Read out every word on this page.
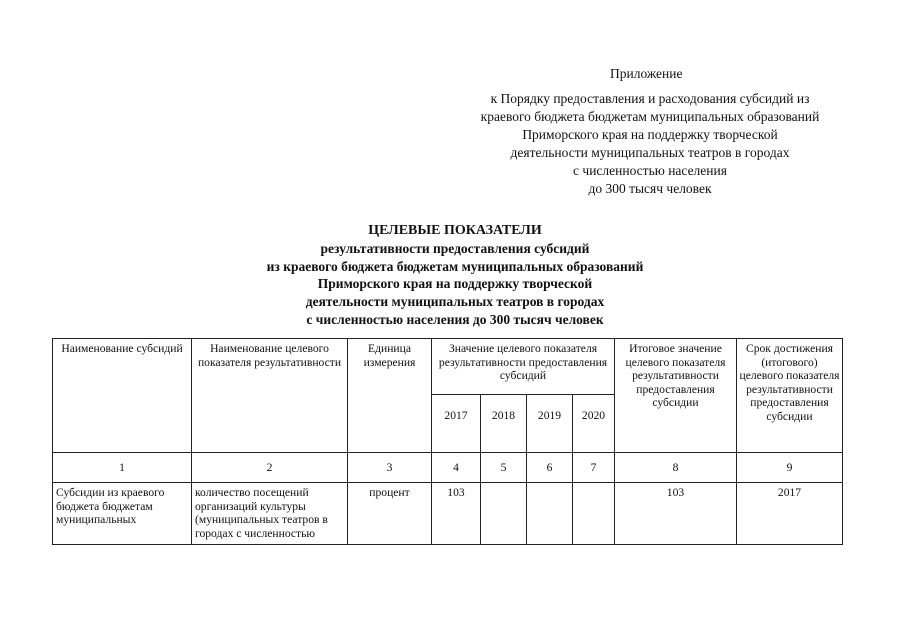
Приложение
к Порядку предоставления и расходования субсидий из
краевого бюджета бюджетам муниципальных образований
Приморского края на поддержку творческой
деятельности муниципальных театров в городах
с численностью населения
до 300 тысяч человек
ЦЕЛЕВЫЕ ПОКАЗАТЕЛИ
результативности предоставления субсидий
из краевого бюджета бюджетам муниципальных образований
Приморского края на поддержку творческой
деятельности муниципальных театров в городах
с численностью населения до 300 тысяч человек
Наименование субсидий	Наименование целевого показателя результативности	Единица измерения	Значение целевого показателя результативности предоставления субсидий				Итоговое значение целевого показателя результативности предоставления субсидии	Срок достижения (итогового) целевого показателя результативности предоставления субсидии
			2017	2018	2019	2020		
1	2	3	4	5	6	7	8	9
Субсидии из краевого бюджета бюджетам муниципальных	количество посещений организаций культуры (муниципальных театров в городах с численностью	процент	103				103	2017
